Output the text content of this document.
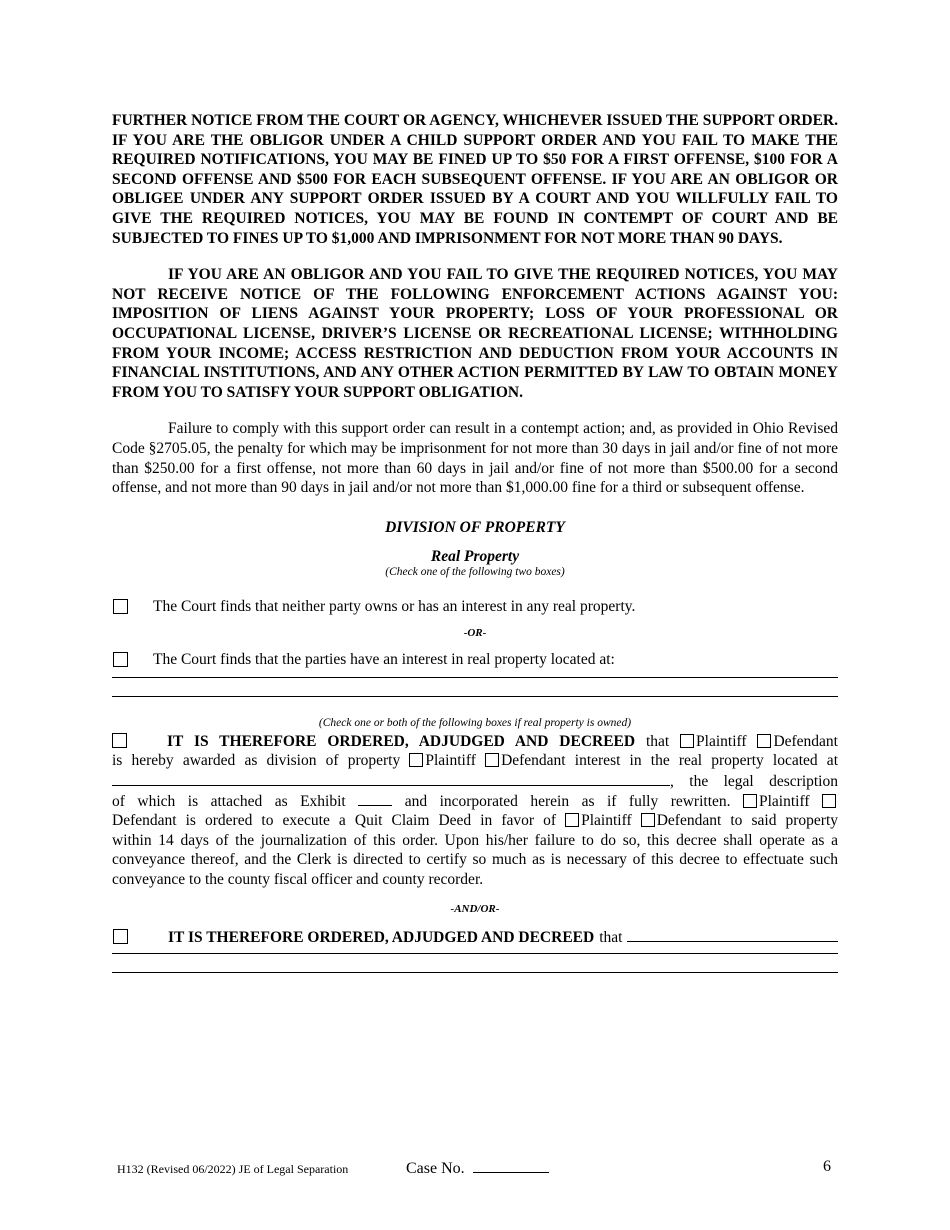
FURTHER NOTICE FROM THE COURT OR AGENCY, WHICHEVER ISSUED THE SUPPORT ORDER. IF YOU ARE THE OBLIGOR UNDER A CHILD SUPPORT ORDER AND YOU FAIL TO MAKE THE REQUIRED NOTIFICATIONS, YOU MAY BE FINED UP TO $50 FOR A FIRST OFFENSE, $100 FOR A SECOND OFFENSE AND $500 FOR EACH SUBSEQUENT OFFENSE. IF YOU ARE AN OBLIGOR OR OBLIGEE UNDER ANY SUPPORT ORDER ISSUED BY A COURT AND YOU WILLFULLY FAIL TO GIVE THE REQUIRED NOTICES, YOU MAY BE FOUND IN CONTEMPT OF COURT AND BE SUBJECTED TO FINES UP TO $1,000 AND IMPRISONMENT FOR NOT MORE THAN 90 DAYS.

IF YOU ARE AN OBLIGOR AND YOU FAIL TO GIVE THE REQUIRED NOTICES, YOU MAY NOT RECEIVE NOTICE OF THE FOLLOWING ENFORCEMENT ACTIONS AGAINST YOU: IMPOSITION OF LIENS AGAINST YOUR PROPERTY; LOSS OF YOUR PROFESSIONAL OR OCCUPATIONAL LICENSE, DRIVER’S LICENSE OR RECREATIONAL LICENSE; WITHHOLDING FROM YOUR INCOME; ACCESS RESTRICTION AND DEDUCTION FROM YOUR ACCOUNTS IN FINANCIAL INSTITUTIONS, AND ANY OTHER ACTION PERMITTED BY LAW TO OBTAIN MONEY FROM YOU TO SATISFY YOUR SUPPORT OBLIGATION.

Failure to comply with this support order can result in a contempt action; and, as provided in Ohio Revised Code §2705.05, the penalty for which may be imprisonment for not more than 30 days in jail and/or fine of not more than $250.00 for a first offense, not more than 60 days in jail and/or fine of not more than $500.00 for a second offense, and not more than 90 days in jail and/or not more than $1,000.00 fine for a third or subsequent offense.

DIVISION OF PROPERTY
Real Property
(Check one of the following two boxes)
The Court finds that neither party owns or has an interest in any real property.
-OR-
The Court finds that the parties have an interest in real property located at:
(Check one or both of the following boxes if real property is owned)
IT IS THEREFORE ORDERED, ADJUDGED AND DECREED that Plaintiff Defendant
is hereby awarded as division of property Plaintiff Defendant interest in the real property located at
, the legal description
of which is attached as Exhibit	and incorporated herein as if fully rewritten. Plaintiff
Defendant is ordered to execute a Quit Claim Deed in favor of Plaintiff Defendant to said property
within 14 days of the journalization of this order. Upon his/her failure to do so, this decree shall operate as a conveyance thereof, and the Clerk is directed to certify so much as is necessary of this decree to effectuate such conveyance to the county fiscal officer and county recorder.
-AND/OR-
IT IS THEREFORE ORDERED, ADJUDGED AND DECREED that
H132 (Revised 06/2022) JE of Legal Separation	Case No.	6
